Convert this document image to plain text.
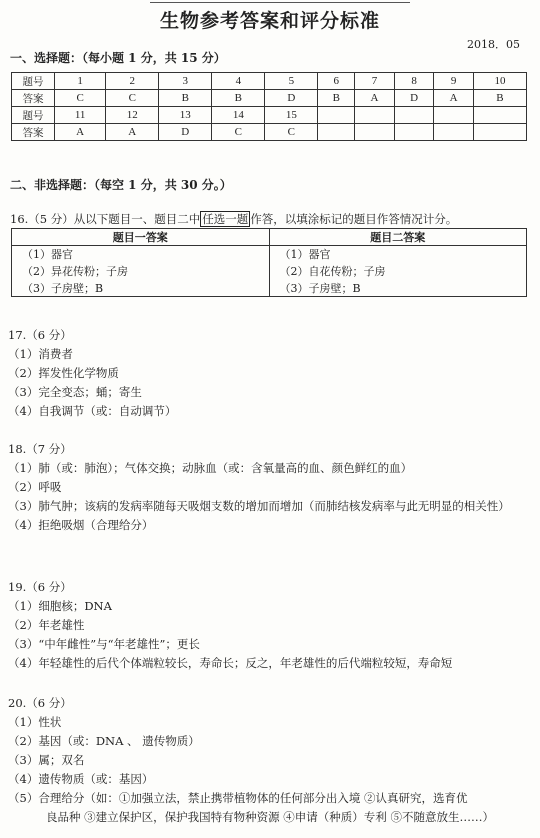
生物参考答案和评分标准
2018．05
一、选择题：（每小题 1 分，共 15 分）
题号	1	2	3	4	5	6	7	8	9	10
答案	C	C	B	B	D	B	A	D	A	B
题号	11	12	13	14	15					
答案	A	A	D	C	C					
二、非选择题：（每空 1 分，共 30 分。）
16.（5 分）从以下题目一、题目二中 任选一题 作答，以填涂标记的题目作答情况计分。
题目一答案	题目二答案
（1）器官	（1）器官
（2）异花传粉；子房	（2）自花传粉；子房
（3）子房壁；B	（3）子房壁；B
17.（6 分）
（1）消费者
（2）挥发性化学物质
（3）完全变态；蛹；寄生
（4）自我调节（或：自动调节）
18.（7 分）
（1）肺（或：肺泡）；气体交换；动脉血（或：含氧量高的血、颜色鲜红的血）
（2）呼吸
（3）肺气肿；该病的发病率随每天吸烟支数的增加而增加（而肺结核发病率与此无明显的相关性）
（4）拒绝吸烟（合理给分）
19.（6 分）
（1）细胞核；DNA
（2）年老雄性
（3）“中年雌性”与“年老雄性”；更长
（4）年轻雄性的后代个体端粒较长，寿命长；反之，年老雄性的后代端粒较短，寿命短
20.（6 分）
（1）性状
（2）基因（或：DNA 、 遗传物质）
（3）属；双名
（4）遗传物质（或：基因）
（5）合理给分（如：①加强立法，禁止携带植物体的任何部分出入境 ②认真研究，选育优
良品种 ③建立保护区，保护我国特有物种资源 ④申请（种质）专利 ⑤不随意放生……）
